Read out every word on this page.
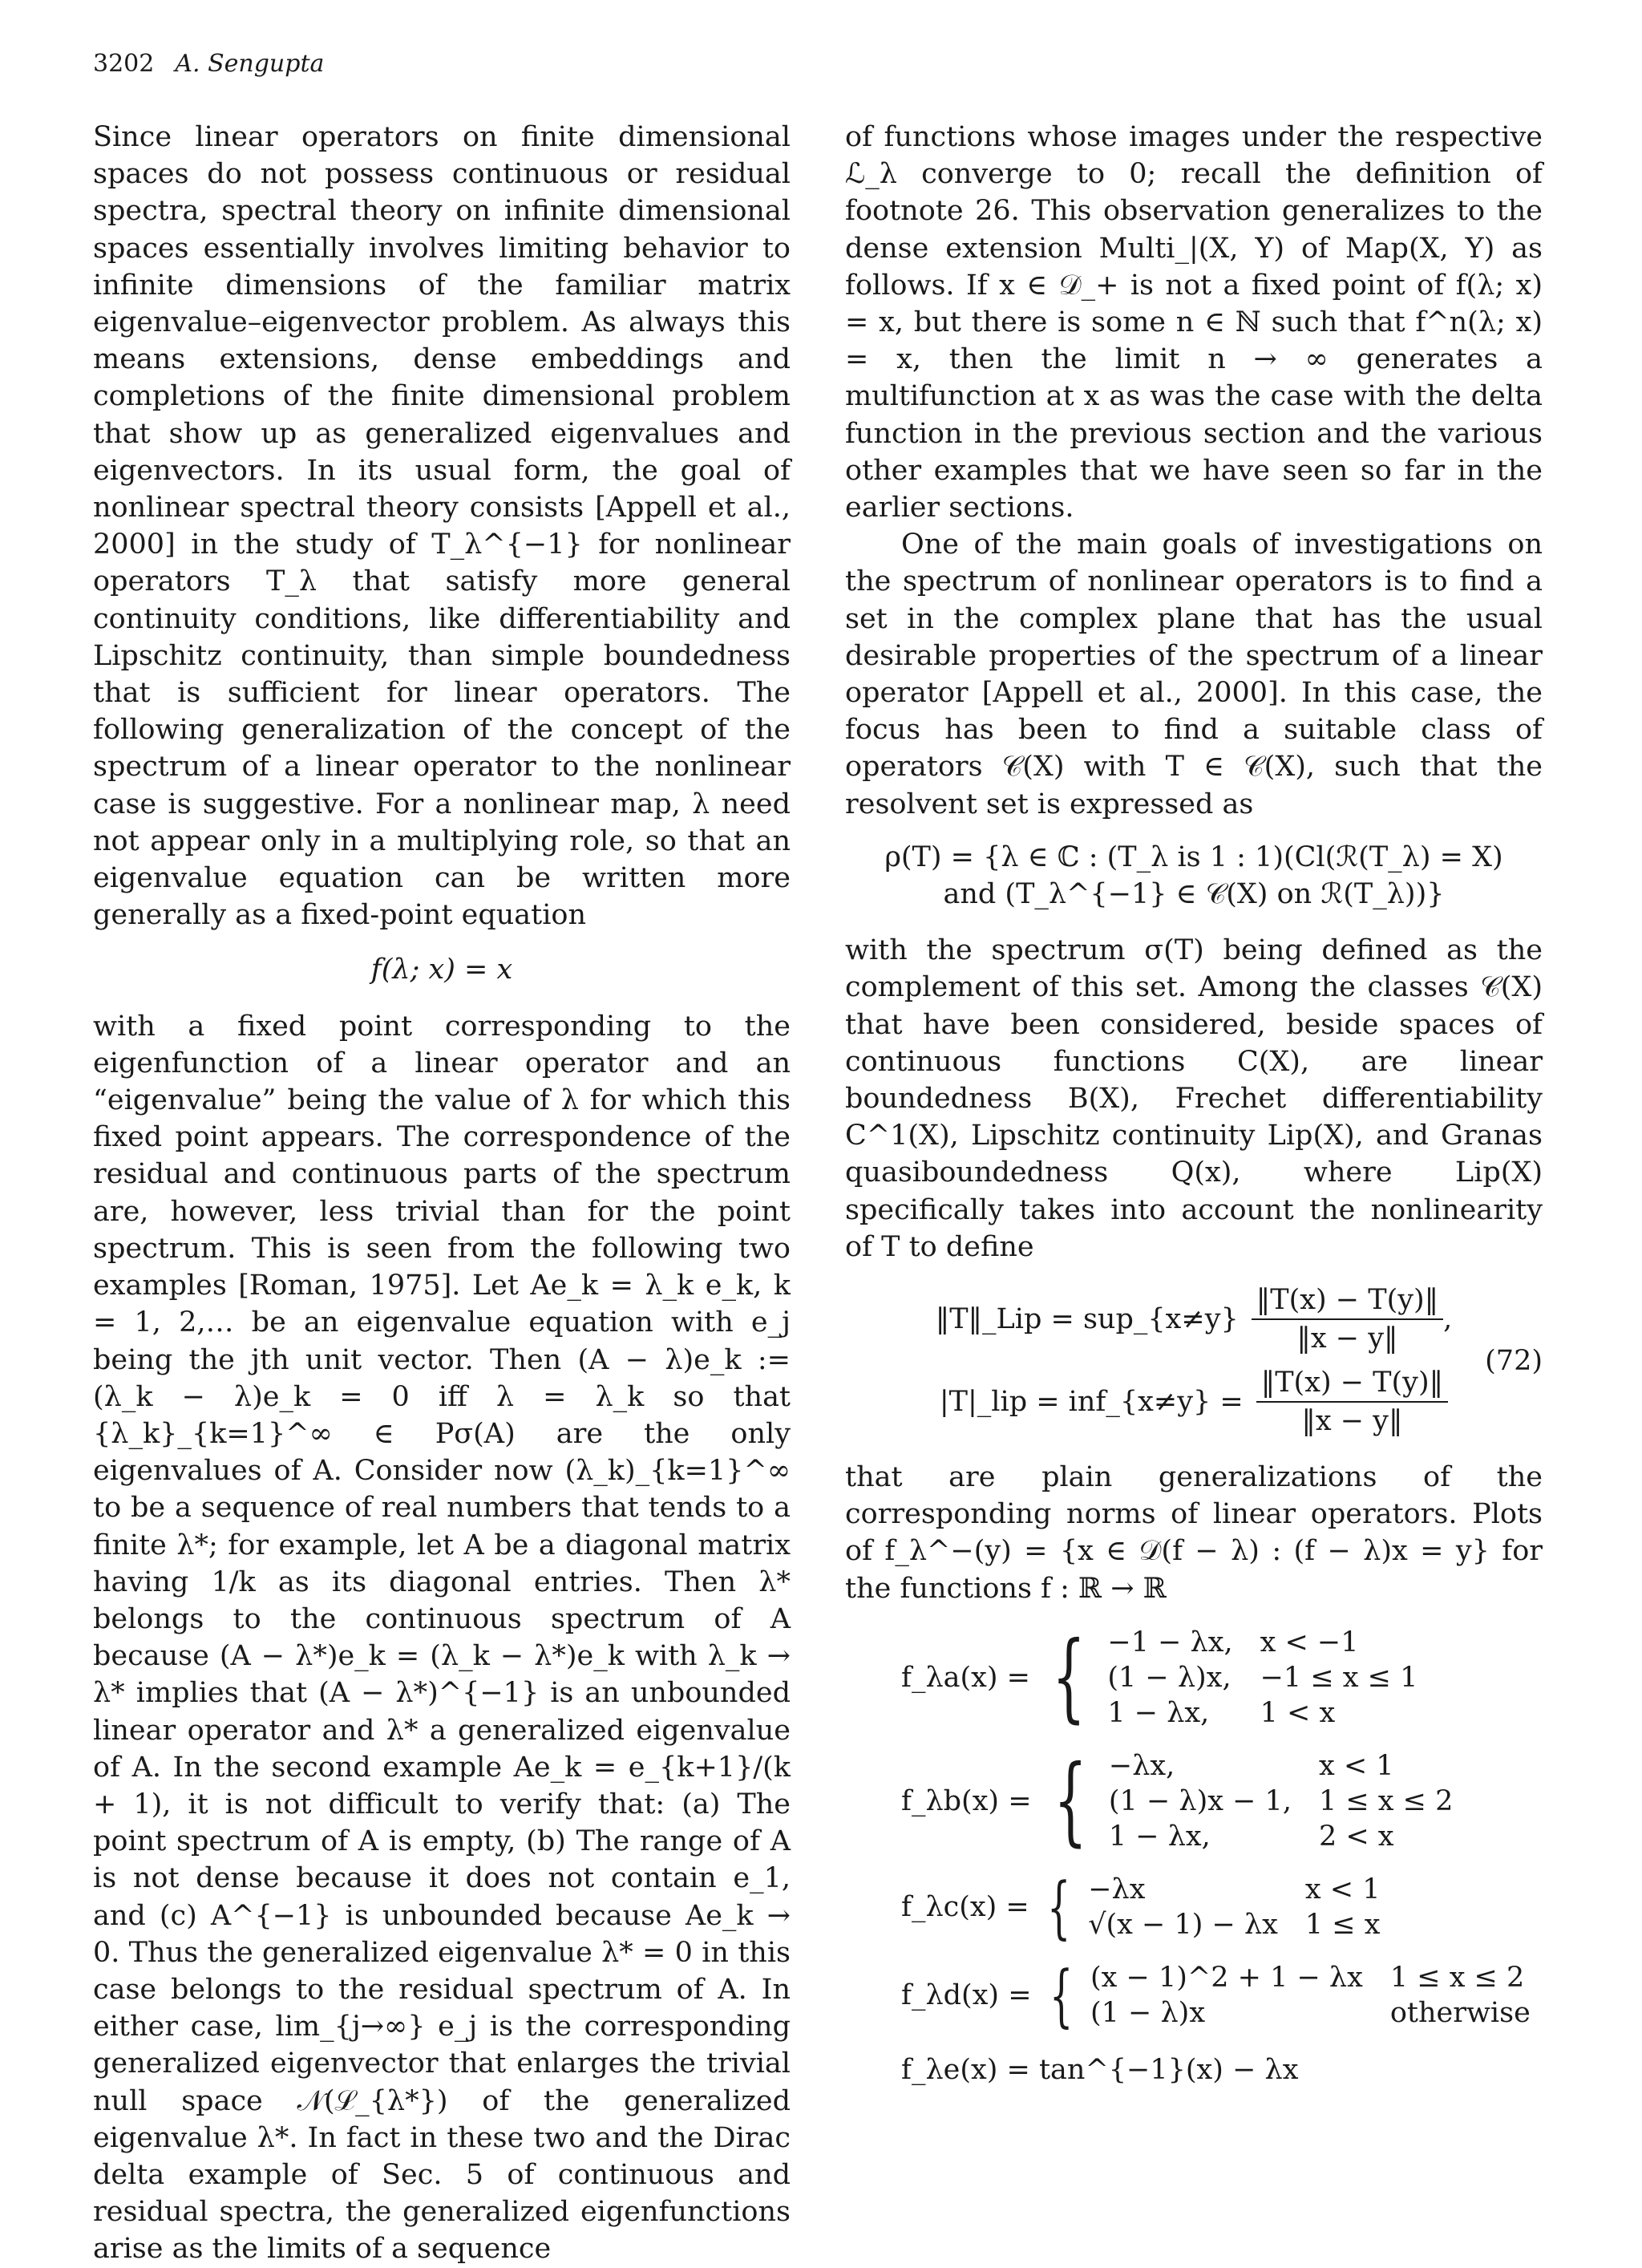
3202 A. Sengupta

Since linear operators on finite dimensional spaces do not possess continuous or residual spectra, spectral theory on infinite dimensional spaces essentially involves limiting behavior to infinite dimensions of the familiar matrix eigenvalue–eigenvector problem. As always this means extensions, dense embeddings and completions of the finite dimensional problem that show up as generalized eigenvalues and eigenvectors. In its usual form, the goal of nonlinear spectral theory consists [Appell et al., 2000] in the study of T_λ^{−1} for nonlinear operators T_λ that satisfy more general continuity conditions, like differentiability and Lipschitz continuity, than simple boundedness that is sufficient for linear operators. The following generalization of the concept of the spectrum of a linear operator to the nonlinear case is suggestive. For a nonlinear map, λ need not appear only in a multiplying role, so that an eigenvalue equation can be written more generally as a fixed-point equation

f(λ; x) = x

with a fixed point corresponding to the eigenfunction of a linear operator and an “eigenvalue” being the value of λ for which this fixed point appears. The correspondence of the residual and continuous parts of the spectrum are, however, less trivial than for the point spectrum. This is seen from the following two examples [Roman, 1975]. Let Ae_k = λ_k e_k, k = 1, 2,… be an eigenvalue equation with e_j being the jth unit vector. Then (A − λ)e_k := (λ_k − λ)e_k = 0 iff λ = λ_k so that {λ_k}_{k=1}^∞ ∈ Pσ(A) are the only eigenvalues of A. Consider now (λ_k)_{k=1}^∞ to be a sequence of real numbers that tends to a finite λ*; for example, let A be a diagonal matrix having 1/k as its diagonal entries. Then λ* belongs to the continuous spectrum of A because (A − λ*)e_k = (λ_k − λ*)e_k with λ_k → λ* implies that (A − λ*)^{−1} is an unbounded linear operator and λ* a generalized eigenvalue of A. In the second example Ae_k = e_{k+1}/(k + 1), it is not difficult to verify that: (a) The point spectrum of A is empty, (b) The range of A is not dense because it does not contain e_1, and (c) A^{−1} is unbounded because Ae_k → 0. Thus the generalized eigenvalue λ* = 0 in this case belongs to the residual spectrum of A. In either case, lim_{j→∞} e_j is the corresponding generalized eigenvector that enlarges the trivial null space 𝒩(ℒ_{λ*}) of the generalized eigenvalue λ*. In fact in these two and the Dirac delta example of Sec. 5 of continuous and residual spectra, the generalized eigenfunctions arise as the limits of a sequence

of functions whose images under the respective ℒ_λ converge to 0; recall the definition of footnote 26. This observation generalizes to the dense extension Multi_|(X, Y) of Map(X, Y) as follows. If x ∈ 𝒟_+ is not a fixed point of f(λ; x) = x, but there is some n ∈ ℕ such that f^n(λ; x) = x, then the limit n → ∞ generates a multifunction at x as was the case with the delta function in the previous section and the various other examples that we have seen so far in the earlier sections.

One of the main goals of investigations on the spectrum of nonlinear operators is to find a set in the complex plane that has the usual desirable properties of the spectrum of a linear operator [Appell et al., 2000]. In this case, the focus has been to find a suitable class of operators 𝒞(X) with T ∈ 𝒞(X), such that the resolvent set is expressed as

ρ(T) = {λ ∈ ℂ : (T_λ is 1 : 1)(Cl(ℛ(T_λ) = X)
and (T_λ^{−1} ∈ 𝒞(X) on ℛ(T_λ))}

with the spectrum σ(T) being defined as the complement of this set. Among the classes 𝒞(X) that have been considered, beside spaces of continuous functions C(X), are linear boundedness B(X), Frechet differentiability C^1(X), Lipschitz continuity Lip(X), and Granas quasiboundedness Q(x), where Lip(X) specifically takes into account the nonlinearity of T to define

‖T‖_Lip = sup_{x≠y} $\frac{‖T(x) - T(y)‖}{‖x - y‖}$ ,
|T|_lip = inf_{x≠y} = $\frac{‖T(x) - T(y)‖}{‖x - y‖}$
(72)

that are plain generalizations of the corresponding norms of linear operators. Plots of f_λ^−(y) = {x ∈ 𝒟(f − λ) : (f − λ)x = y} for the functions f : ℝ → ℝ

f_λa(x) = { −1 − λx, x < −1
(1 − λ)x, −1 ≤ x ≤ 1
1 − λx,	1 < x
f_λb(x) = { −λx,	x < 1
(1 − λ)x − 1, 1 ≤ x ≤ 2
1 − λx,	2 < x
f_λc(x) = { −λx	x < 1
√(x − 1) − λx 1 ≤ x
f_λd(x) = { (x − 1)^2 + 1 − λx 1 ≤ x ≤ 2
(1 − λ)x	otherwise
f_λe(x) = tan^{−1}(x) − λx
